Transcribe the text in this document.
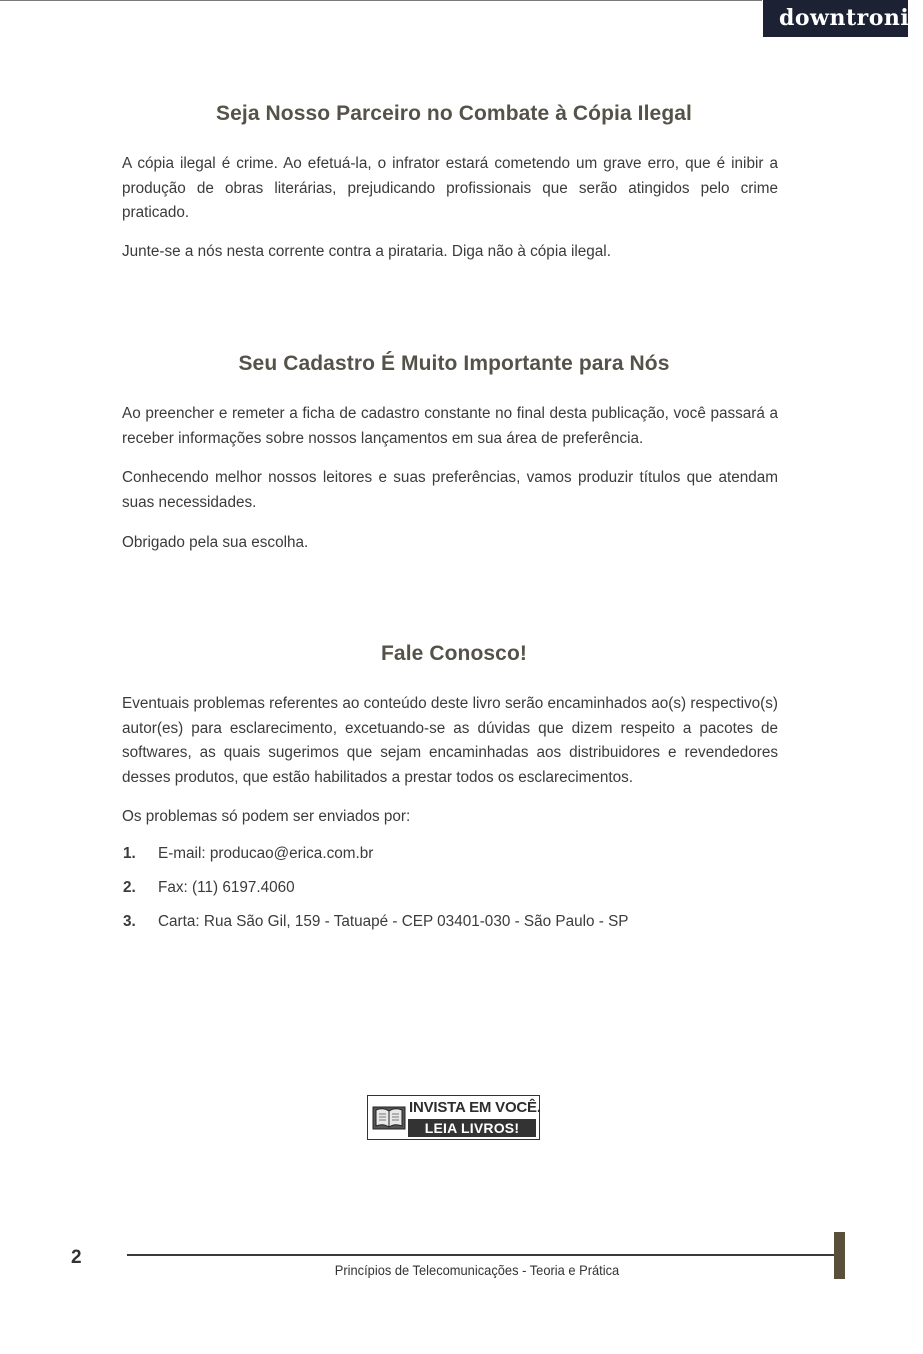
downtronic
Seja Nosso Parceiro no Combate à Cópia Ilegal

A cópia ilegal é crime. Ao efetuá-la, o infrator estará cometendo um grave erro, que é inibir a produção de obras literárias, prejudicando profissionais que serão atingidos pelo crime praticado.

Junte-se a nós nesta corrente contra a pirataria. Diga não à cópia ilegal.

Seu Cadastro É Muito Importante para Nós

Ao preencher e remeter a ficha de cadastro constante no final desta publicação, você passará a receber informações sobre nossos lançamentos em sua área de preferência.

Conhecendo melhor nossos leitores e suas preferências, vamos produzir títulos que atendam suas necessidades.

Obrigado pela sua escolha.

Fale Conosco!

Eventuais problemas referentes ao conteúdo deste livro serão encaminhados ao(s) respectivo(s) autor(es) para esclarecimento, excetuando-se as dúvidas que dizem respeito a pacotes de softwares, as quais sugerimos que sejam encaminhadas aos distribuidores e revendedores desses produtos, que estão habilitados a prestar todos os esclarecimentos.

Os problemas só podem ser enviados por:

1. E-mail: producao@erica.com.br
2. Fax: (11) 6197.4060
3. Carta: Rua São Gil, 159 - Tatuapé - CEP 03401-030 - São Paulo - SP
INVISTA EM VOCÊ.
LEIA LIVROS!
2
Princípios de Telecomunicações - Teoria e Prática
